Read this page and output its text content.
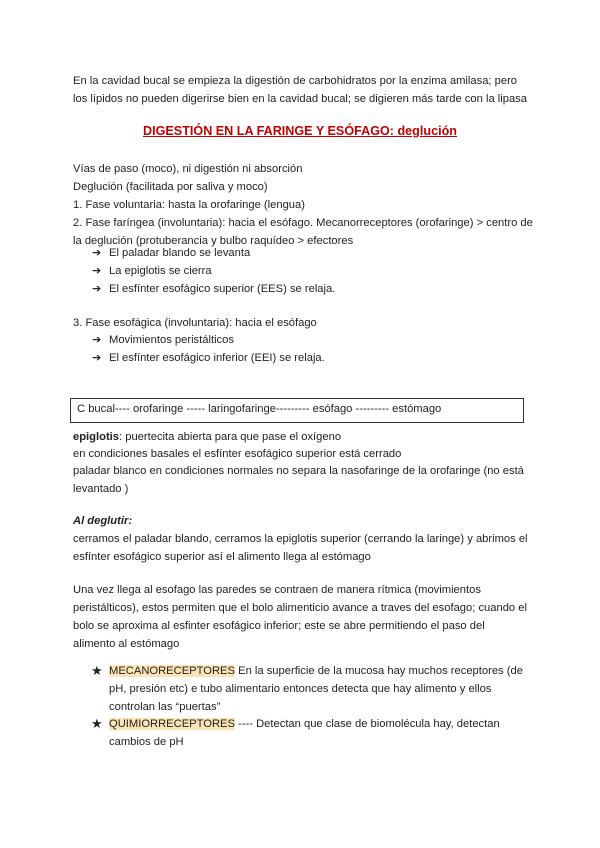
En la cavidad bucal se empieza la digestión de carbohidratos por la enzima amilasa; pero los lípidos no pueden digerirse bien en la cavidad bucal; se digieren más tarde con la lipasa

DIGESTIÓN EN LA FARINGE Y ESÓFAGO: deglución

Vías de paso (moco), ni digestión ni absorción

Deglución (facilitada por saliva y moco)

1. Fase voluntaria: hasta la orofaringe (lengua)

2. Fase faríngea (involuntaria): hacia el esófago. Mecanorreceptores (orofaringe) > centro de la deglución (protuberancia y bulbo raquídeo > efectores

➔ El paladar blando se levanta
➔ La epiglotis se cierra
➔ El esfínter esofágico superior (EES) se relaja.

3. Fase esofágica (involuntaria): hacia el esófago

➔ Movimientos peristálticos
➔ El esfínter esofágico inferior (EEI) se relaja.
C bucal---- orofaringe ----- laringofaringe--------- esófago --------- estómago

epiglotis: puertecita abierta para que pase el oxígeno

en condiciones basales el esfínter esofágico superior está cerrado

paladar blanco en condiciones normales no separa la nasofaringe de la orofaringe (no está levantado )

Al deglutir:

cerramos el paladar blando, cerramos la epiglotis superior (cerrando la laringe) y abrimos el esfínter esofágico superior así el alimento llega al estómago

Una vez llega al esofago las paredes se contraen de manera rítmica (movimientos peristálticos), estos permiten que el bolo alimenticio avance a traves del esofago; cuando el bolo se aproxima al esfinter esofágico inferior; este se abre permitiendo el paso del alimento al estómago

★ MECANORECEPTORES En la superficie de la mucosa hay muchos receptores (de pH, presión etc) e tubo alimentario entonces detecta que hay alimento y ellos controlan las “puertas”

★ QUIMIORRECEPTORES ---- Detectan que clase de biomolécula hay, detectan cambios de pH
